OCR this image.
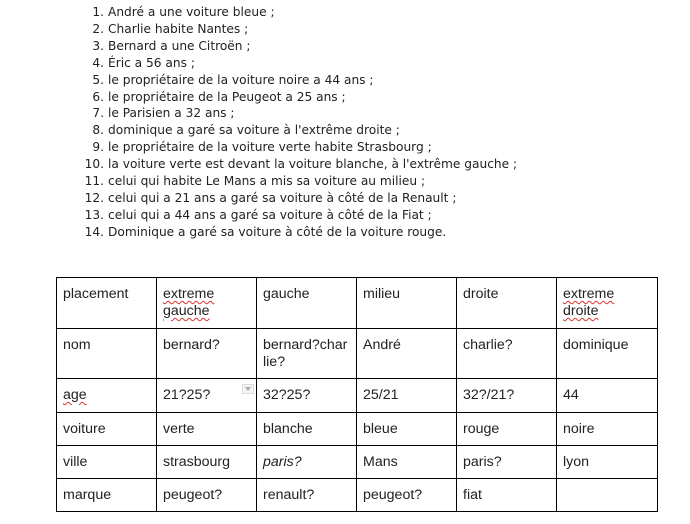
1. André a une voiture bleue ;
2. Charlie habite Nantes ;
3. Bernard a une Citroën ;
4. Éric a 56 ans ;
5. le propriétaire de la voiture noire a 44 ans ;
6. le propriétaire de la Peugeot a 25 ans ;
7. le Parisien a 32 ans ;
8. dominique a garé sa voiture à l'extrême droite ;
9. le propriétaire de la voiture verte habite Strasbourg ;
10. la voiture verte est devant la voiture blanche, à l'extrême gauche ;
11. celui qui habite Le Mans a mis sa voiture au milieu ;
12. celui qui a 21 ans a garé sa voiture à côté de la Renault ;
13. celui qui a 44 ans a garé sa voiture à côté de la Fiat ;
14. Dominique a garé sa voiture à côté de la voiture rouge.
placement	extreme gauche	gauche	milieu	droite	extreme droite
nom	bernard?	bernard?charlie?	André	charlie?	dominique
age	21?25?	32?25?	25/21	32?/21?	44
voiture	verte	blanche	bleue	rouge	noire
ville	strasbourg	paris?	Mans	paris?	lyon
marque	peugeot?	renault?	peugeot?	fiat	
